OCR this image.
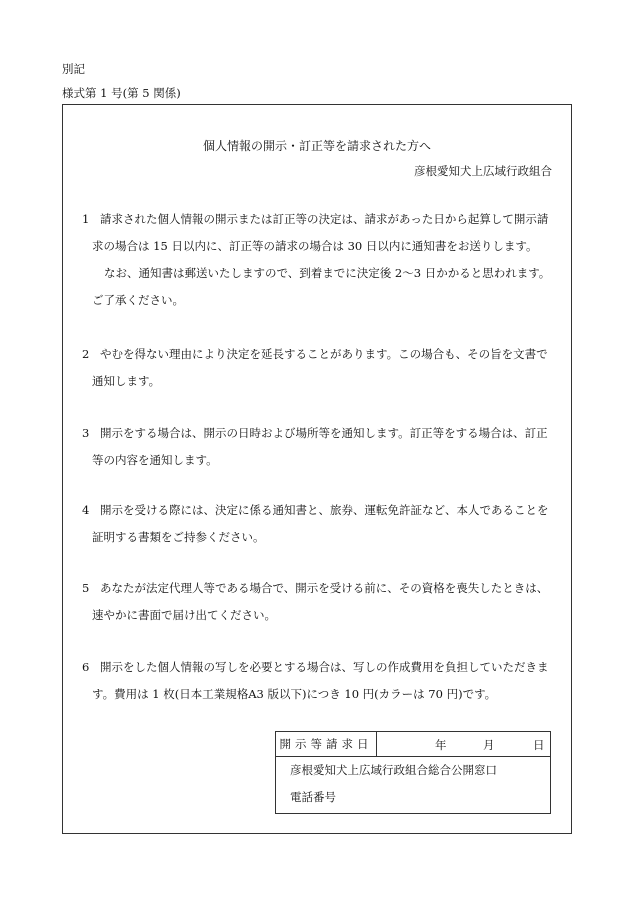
別記
様式第 1 号(第 5 関係)
個人情報の開示・訂正等を請求された方へ
彦根愛知犬上広域行政組合
1 請求された個人情報の開示または訂正等の決定は、請求があった日から起算して開示請
求の場合は 15 日以内に、訂正等の請求の場合は 30 日以内に通知書をお送りします。
なお、通知書は郵送いたしますので、到着までに決定後 2〜3 日かかると思われます。
ご了承ください。
2 やむを得ない理由により決定を延長することがあります。この場合も、その旨を文書で
通知します。
3 開示をする場合は、開示の日時および場所等を通知します。訂正等をする場合は、訂正
等の内容を通知します。
4 開示を受ける際には、決定に係る通知書と、旅券、運転免許証など、本人であることを
証明する書類をご持参ください。
5 あなたが法定代理人等である場合で、開示を受ける前に、その資格を喪失したときは、
速やかに書面で届け出てください。
6 開示をした個人情報の写しを必要とする場合は、写しの作成費用を負担していただきま
す。費用は 1 枚(日本工業規格A3 版以下)につき 10 円(カラーは 70 円)です。
開示等請求日	年	月	日

彦根愛知犬上広域行政組合総合公開窓口
電話番号
